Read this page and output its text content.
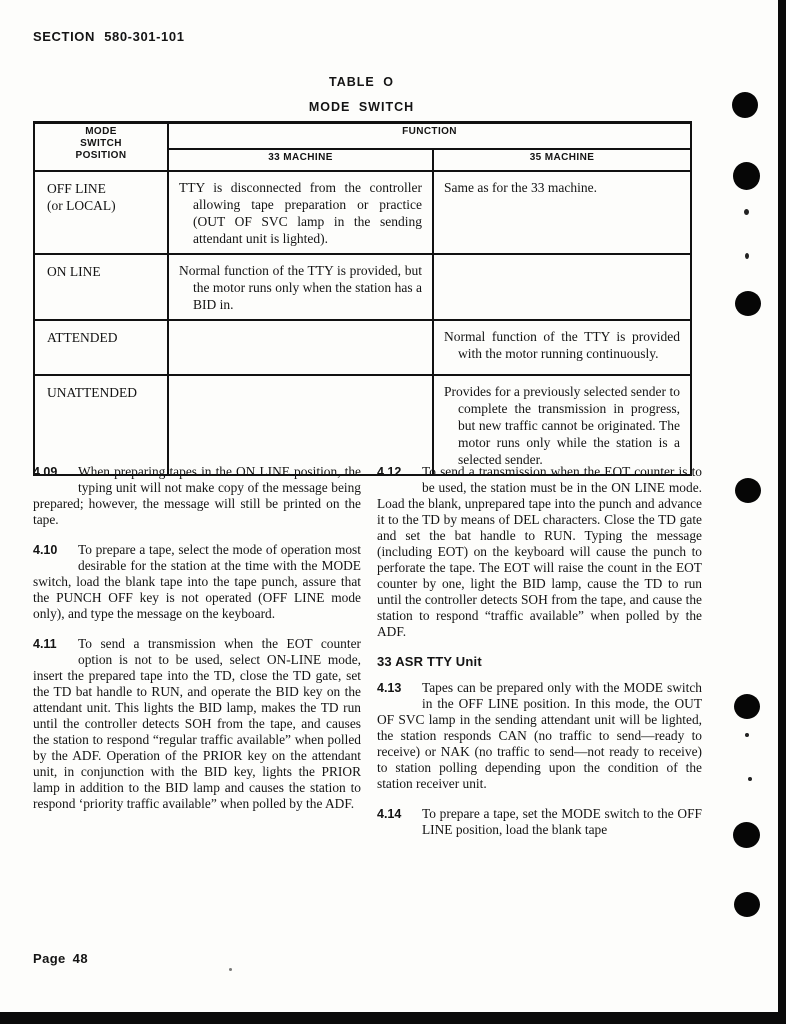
SECTION 580-301-101
TABLE O
MODE SWITCH
MODE
SWITCH
POSITION	FUNCTION	
	33 MACHINE	35 MACHINE

OFF LINE
(or LOCAL)	TTY is disconnected from the controller allowing tape preparation or practice (OUT OF SVC lamp in the sending attendant unit is lighted).	Same as for the 33 machine.

ON LINE	Normal function of the TTY is provided, but the motor runs only when the station has a BID in.	

ATTENDED		Normal function of the TTY is provided with the motor running continuously.

UNATTENDED		Provides for a previously selected sender to complete the transmission in progress, but new traffic cannot be originated. The motor runs only while the station is a selected sender.
4.09	When preparing tapes in the ON LINE position, the typing unit will not make copy of the message being prepared; however, the message will still be printed on the tape.
4.10	To prepare a tape, select the mode of operation most desirable for the station at the time with the MODE switch, load the blank tape into the tape punch, assure that the PUNCH OFF key is not operated (OFF LINE mode only), and type the message on the keyboard.
4.11	To send a transmission when the EOT counter option is not to be used, select ON-LINE mode, insert the prepared tape into the TD, close the TD gate, set the TD bat handle to RUN, and operate the BID key on the attendant unit. This lights the BID lamp, makes the TD run until the controller detects SOH from the tape, and causes the station to respond “regular traffic available” when polled by the ADF. Operation of the PRIOR key on the attendant unit, in conjunction with the BID key, lights the PRIOR lamp in addition to the BID lamp and causes the station to respond ‘priority traffic available” when polled by the ADF.
4.12	To send a transmission when the EOT counter is to be used, the station must be in the ON LINE mode. Load the blank, unprepared tape into the punch and advance it to the TD by means of DEL characters. Close the TD gate and set the bat handle to RUN. Typing the message (including EOT) on the keyboard will cause the punch to perforate the tape. The EOT will raise the count in the EOT counter by one, light the BID lamp, cause the TD to run until the controller detects SOH from the tape, and cause the station to respond “traffic available” when polled by the ADF.
33 ASR TTY Unit
4.13	Tapes can be prepared only with the MODE switch in the OFF LINE position. In this mode, the OUT OF SVC lamp in the sending attendant unit will be lighted, the station responds CAN (no traffic to send—ready to receive) or NAK (no traffic to send—not ready to receive) to station polling depending upon the condition of the station receiver unit.
4.14	To prepare a tape, set the MODE switch to the OFF LINE position, load the blank tape
Page 48
